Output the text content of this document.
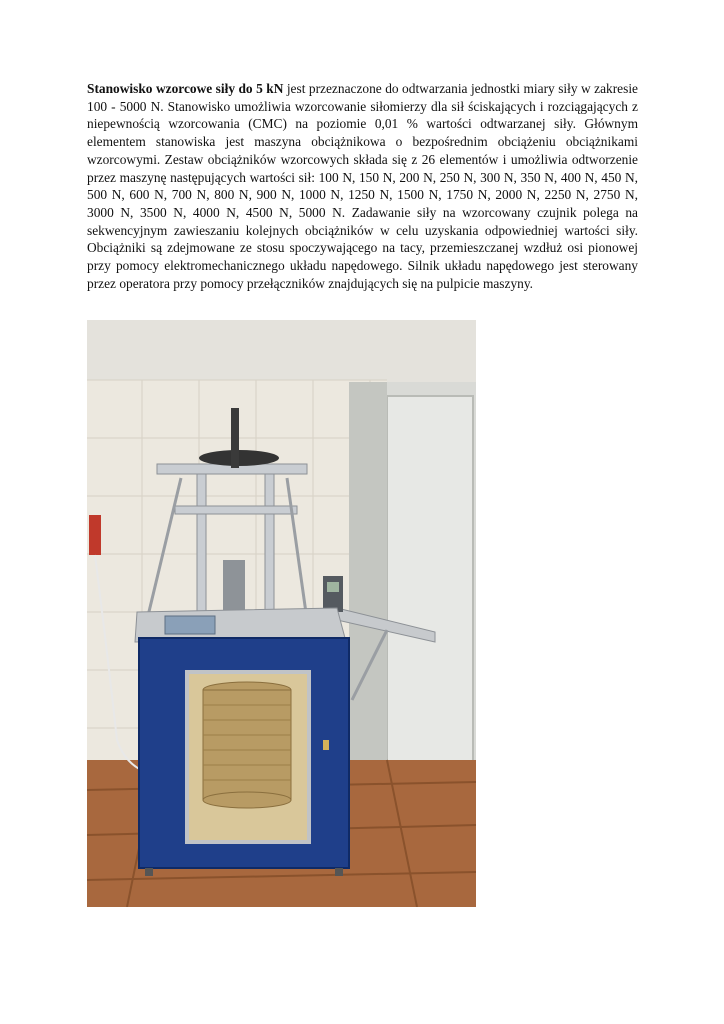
Stanowisko wzorcowe siły do 5 kN jest przeznaczone do odtwarzania jednostki miary siły w zakresie 100 - 5000 N. Stanowisko umożliwia wzorcowanie siłomierzy dla sił ściskających i rozciągających z niepewnością wzorcowania (CMC) na poziomie 0,01 % wartości odtwarzanej siły. Głównym elementem stanowiska jest maszyna obciążnikowa o bezpośrednim obciążeniu obciążnikami wzorcowymi. Zestaw obciążników wzorcowych składa się z 26 elementów i umożliwia odtworzenie przez maszynę następujących wartości sił: 100 N, 150 N, 200 N, 250 N, 300 N, 350 N, 400 N, 450 N, 500 N, 600 N, 700 N, 800 N, 900 N, 1000 N, 1250 N, 1500 N, 1750 N, 2000 N, 2250 N, 2750 N, 3000 N, 3500 N, 4000 N, 4500 N, 5000 N. Zadawanie siły na wzorcowany czujnik polega na sekwencyjnym zawieszaniu kolejnych obciążników w celu uzyskania odpowiedniej wartości siły. Obciążniki są zdejmowane ze stosu spoczywającego na tacy, przemieszczanej wzdłuż osi pionowej przy pomocy elektromechanicznego układu napędowego. Silnik układu napędowego jest sterowany przez operatora przy pomocy przełączników znajdujących się na pulpicie maszyny.
